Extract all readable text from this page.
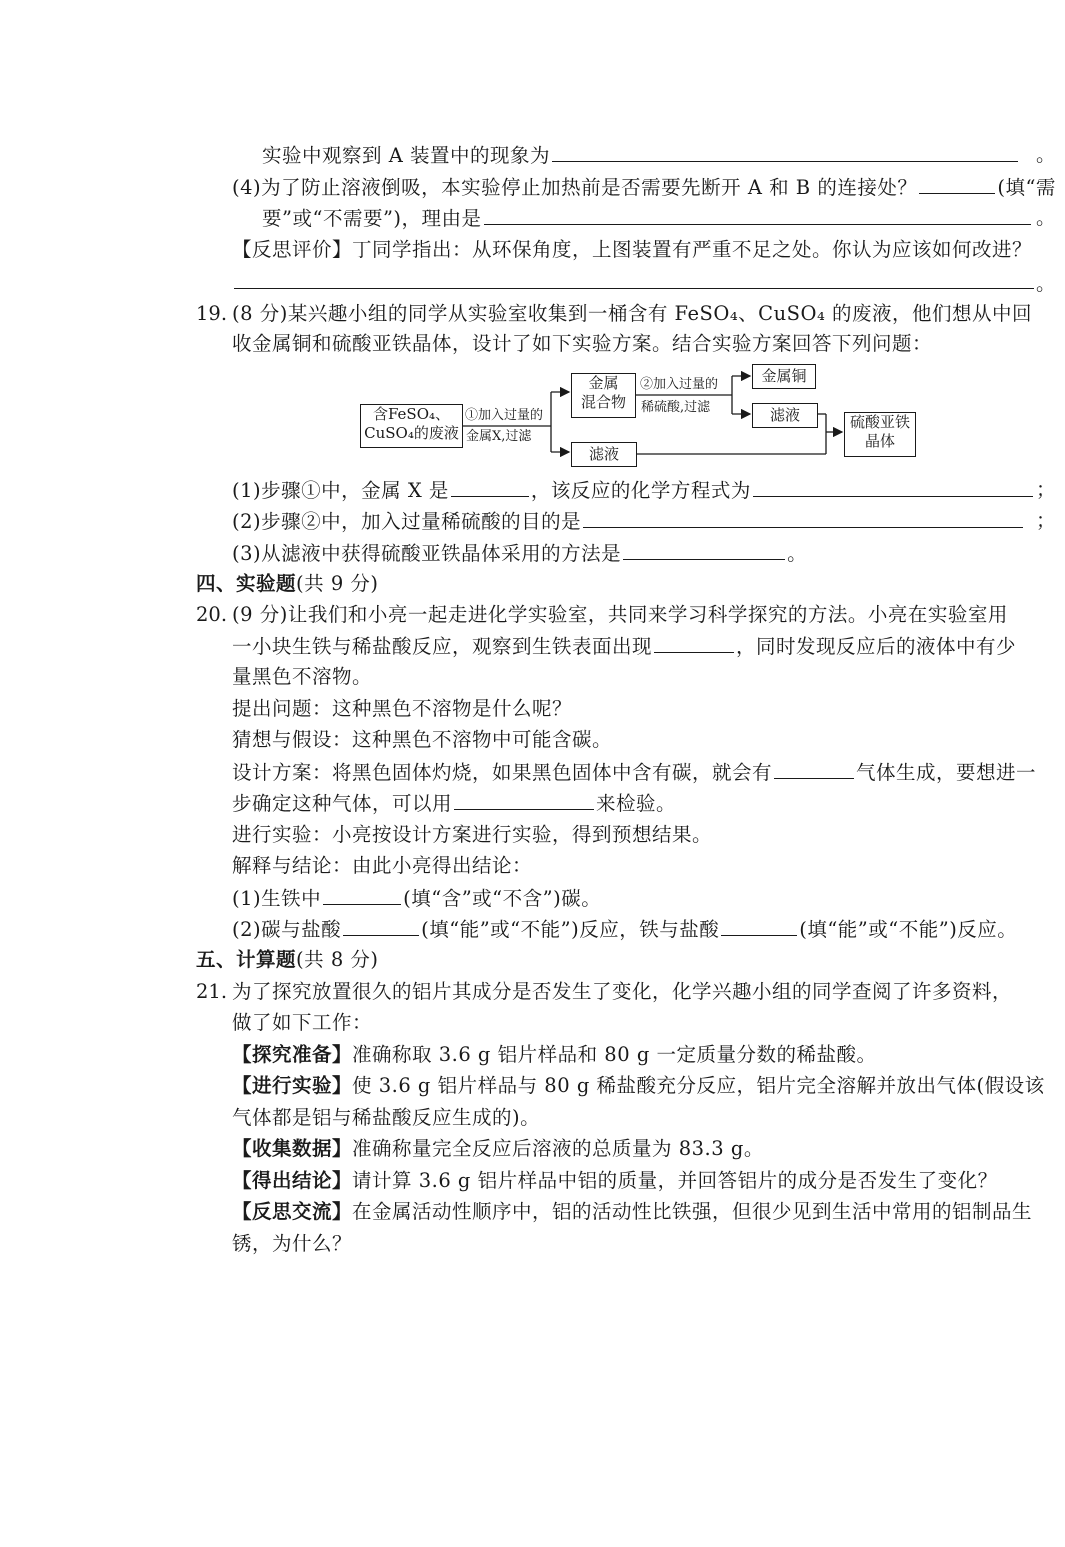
实验中观察到 A 装置中的现象为	。
(4)为了防止溶液倒吸，本实验停止加热前是否需要先断开 A 和 B 的连接处？	(填“需
要”或“不需要”)，理由是	。
【反思评价】丁同学指出：从环保角度，上图装置有严重不足之处。你认为应该如何改进？
。
19. (8 分)某兴趣小组的同学从实验室收集到一桶含有 FeSO₄、CuSO₄ 的废液，他们想从中回
收金属铜和硫酸亚铁晶体，设计了如下实验方案。结合实验方案回答下列问题：
含FeSO₄、
CuSO₄的废液
①加入过量的
金属X,过滤
金属
混合物
②加入过量的
稀硫酸,过滤
金属铜
滤液
滤液
硫酸亚铁
晶体
(1)步骤①中，金属 X 是	，该反应的化学方程式为	；
(2)步骤②中，加入过量稀硫酸的目的是	；
(3)从滤液中获得硫酸亚铁晶体采用的方法是	。
四、实验题(共 9 分)
20. (9 分)让我们和小亮一起走进化学实验室，共同来学习科学探究的方法。小亮在实验室用
一小块生铁与稀盐酸反应，观察到生铁表面出现	，同时发现反应后的液体中有少
量黑色不溶物。
提出问题：这种黑色不溶物是什么呢？
猜想与假设：这种黑色不溶物中可能含碳。
设计方案：将黑色固体灼烧，如果黑色固体中含有碳，就会有	气体生成，要想进一
步确定这种气体，可以用	来检验。
进行实验：小亮按设计方案进行实验，得到预想结果。
解释与结论：由此小亮得出结论：
(1)生铁中	(填“含”或“不含”)碳。
(2)碳与盐酸	(填“能”或“不能”)反应，铁与盐酸	(填“能”或“不能”)反应。
五、计算题(共 8 分)
21. 为了探究放置很久的铝片其成分是否发生了变化，化学兴趣小组的同学查阅了许多资料，
做了如下工作：
【探究准备】准确称取 3.6 g 铝片样品和 80 g 一定质量分数的稀盐酸。
【进行实验】使 3.6 g 铝片样品与 80 g 稀盐酸充分反应，铝片完全溶解并放出气体(假设该
气体都是铝与稀盐酸反应生成的)。
【收集数据】准确称量完全反应后溶液的总质量为 83.3 g。
【得出结论】请计算 3.6 g 铝片样品中铝的质量，并回答铝片的成分是否发生了变化？
【反思交流】在金属活动性顺序中，铝的活动性比铁强，但很少见到生活中常用的铝制品生
锈，为什么？
